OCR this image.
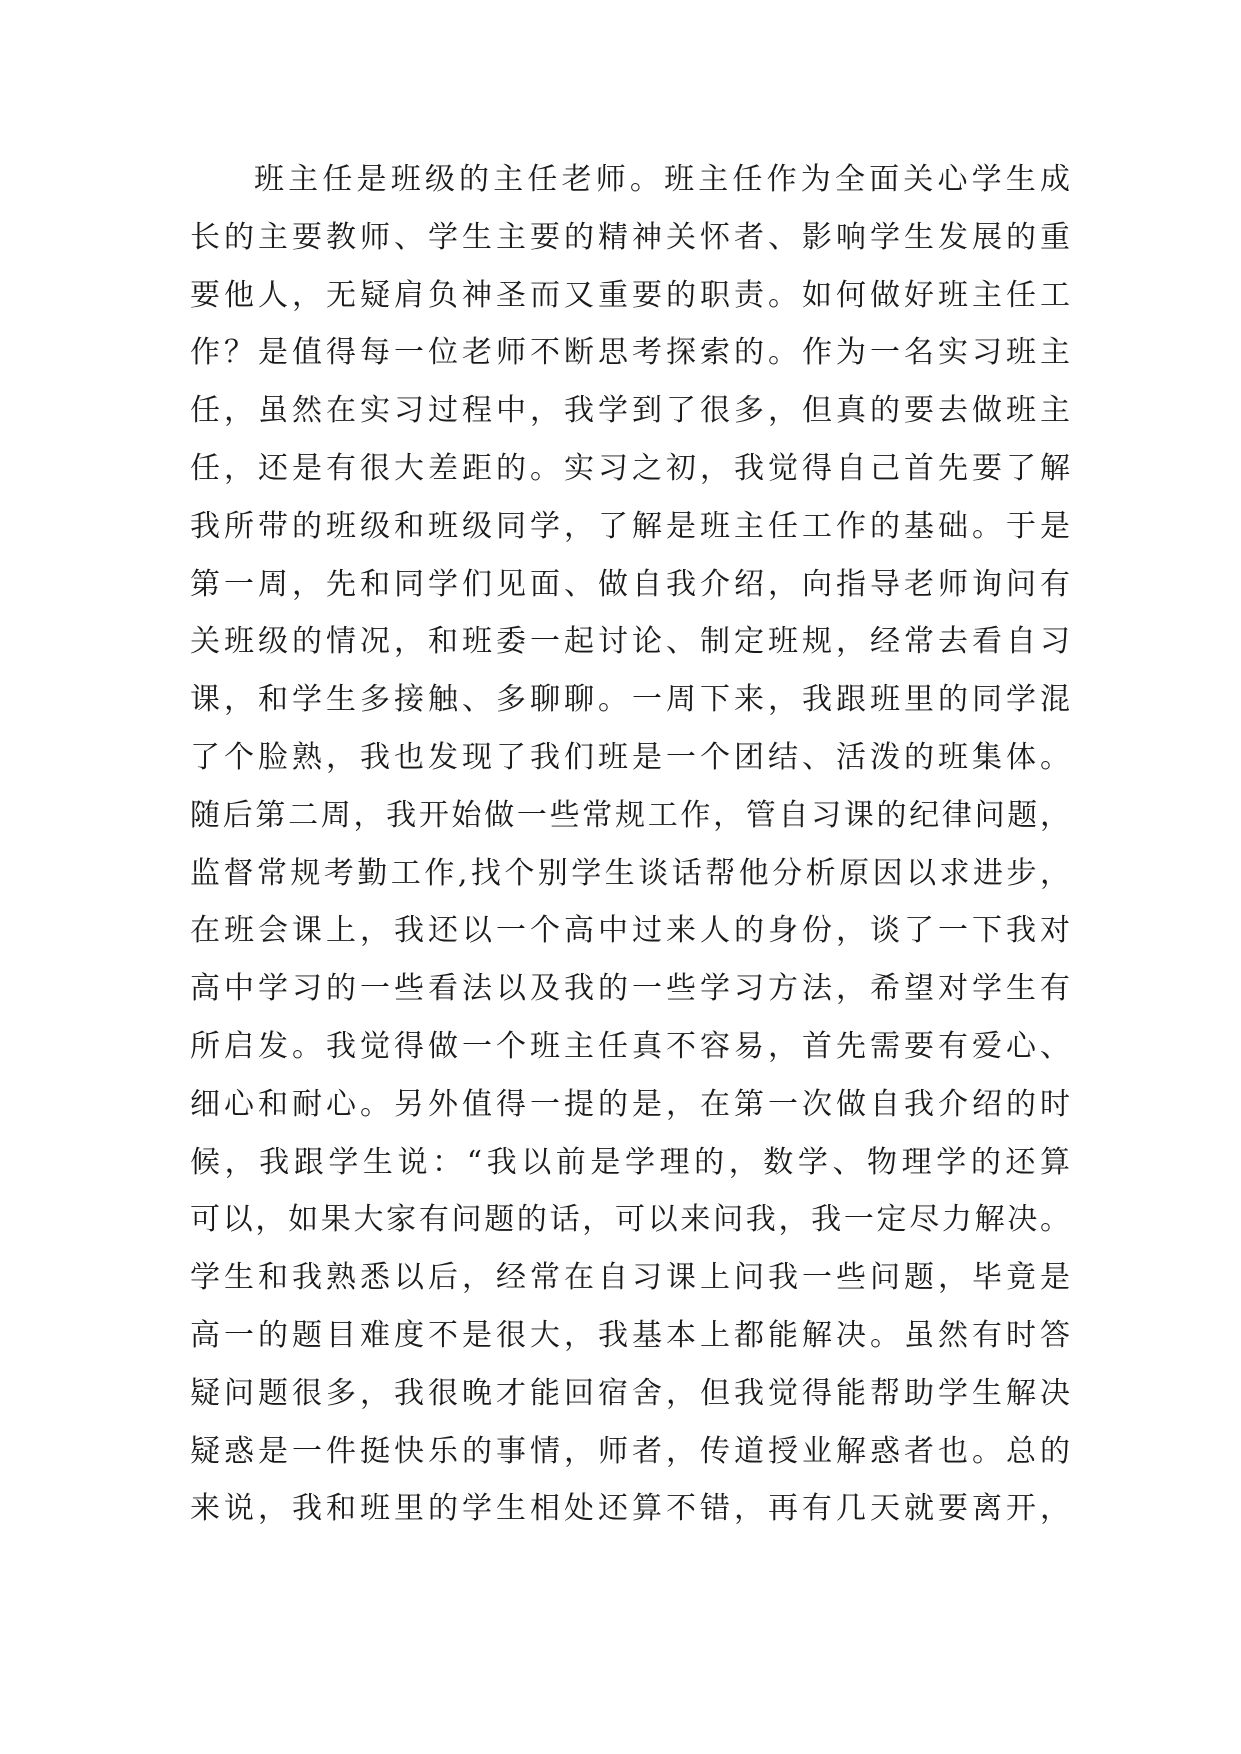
班主任是班级的主任老师。班主任作为全面关心学生成
长的主要教师、学生主要的精神关怀者、影响学生发展的重
要他人，无疑肩负神圣而又重要的职责。如何做好班主任工
作？是值得每一位老师不断思考探索的。作为一名实习班主
任，虽然在实习过程中，我学到了很多，但真的要去做班主
任，还是有很大差距的。实习之初，我觉得自己首先要了解
我所带的班级和班级同学，了解是班主任工作的基础。于是
第一周，先和同学们见面、做自我介绍，向指导老师询问有
关班级的情况，和班委一起讨论、制定班规，经常去看自习
课，和学生多接触、多聊聊。一周下来，我跟班里的同学混
了个脸熟，我也发现了我们班是一个团结、活泼的班集体。
随后第二周，我开始做一些常规工作，管自习课的纪律问题，
监督常规考勤工作,找个别学生谈话帮他分析原因以求进步，
在班会课上，我还以一个高中过来人的身份，谈了一下我对
高中学习的一些看法以及我的一些学习方法，希望对学生有
所启发。我觉得做一个班主任真不容易，首先需要有爱心、
细心和耐心。另外值得一提的是，在第一次做自我介绍的时
候，我跟学生说：“我以前是学理的，数学、物理学的还算
可以，如果大家有问题的话，可以来问我，我一定尽力解决。
学生和我熟悉以后，经常在自习课上问我一些问题，毕竟是
高一的题目难度不是很大，我基本上都能解决。虽然有时答
疑问题很多，我很晚才能回宿舍，但我觉得能帮助学生解决
疑惑是一件挺快乐的事情，师者，传道授业解惑者也。总的
来说，我和班里的学生相处还算不错，再有几天就要离开，
